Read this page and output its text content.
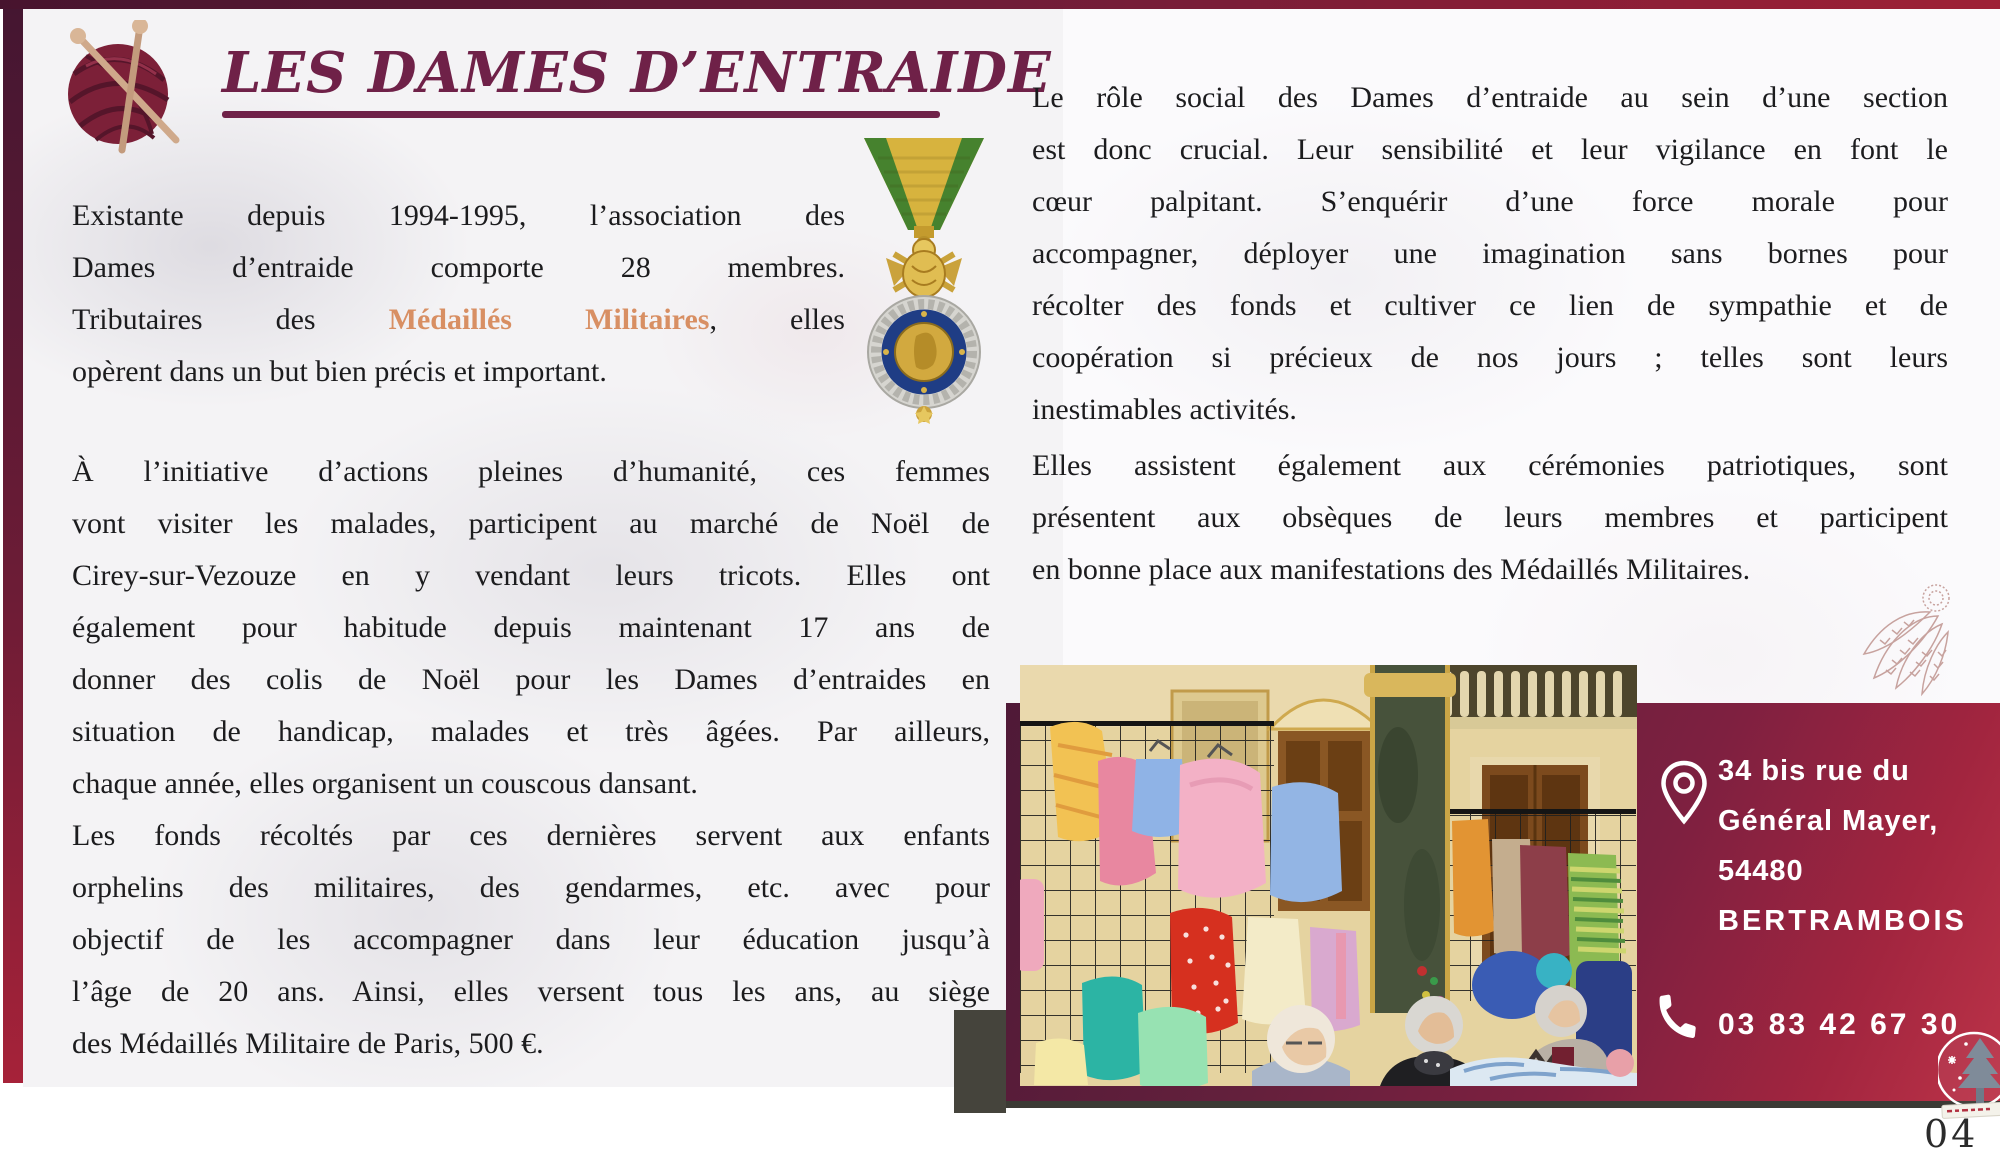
LES DAMES D’ENTRAIDE
Existante depuis 1994-1995, l’association des
Dames d’entraide comporte 28 membres.
Tributaires des Médaillés Militaires, elles
opèrent dans un but bien précis et important.
À l’initiative d’actions pleines d’humanité, ces femmes
vont visiter les malades, participent au marché de Noël de
Cirey-sur-Vezouze en y vendant leurs tricots. Elles ont
également pour habitude depuis maintenant 17 ans de
donner des colis de Noël pour les Dames d’entraides en
situation de handicap, malades et très âgées. Par ailleurs,
chaque année, elles organisent un couscous dansant.
Les fonds récoltés par ces dernières servent aux enfants
orphelins des militaires, des gendarmes, etc. avec pour
objectif de les accompagner dans leur éducation jusqu’à
l’âge de 20 ans. Ainsi, elles versent tous les ans, au siège
des Médaillés Militaire de Paris, 500 €.
Le rôle social des Dames d’entraide au sein d’une section
est donc crucial. Leur sensibilité et leur vigilance en font le
cœur palpitant. S’enquérir d’une force morale pour
accompagner, déployer une imagination sans bornes pour
récolter des fonds et cultiver ce lien de sympathie et de
coopération si précieux de nos jours ; telles sont leurs
inestimables activités.
Elles assistent également aux cérémonies patriotiques, sont
présentent aux obsèques de leurs membres et participent
en bonne place aux manifestations des Médaillés Militaires.
34 bis rue du
Général Mayer,
54480
BERTRAMBOIS
03 83 42 67 30
04
